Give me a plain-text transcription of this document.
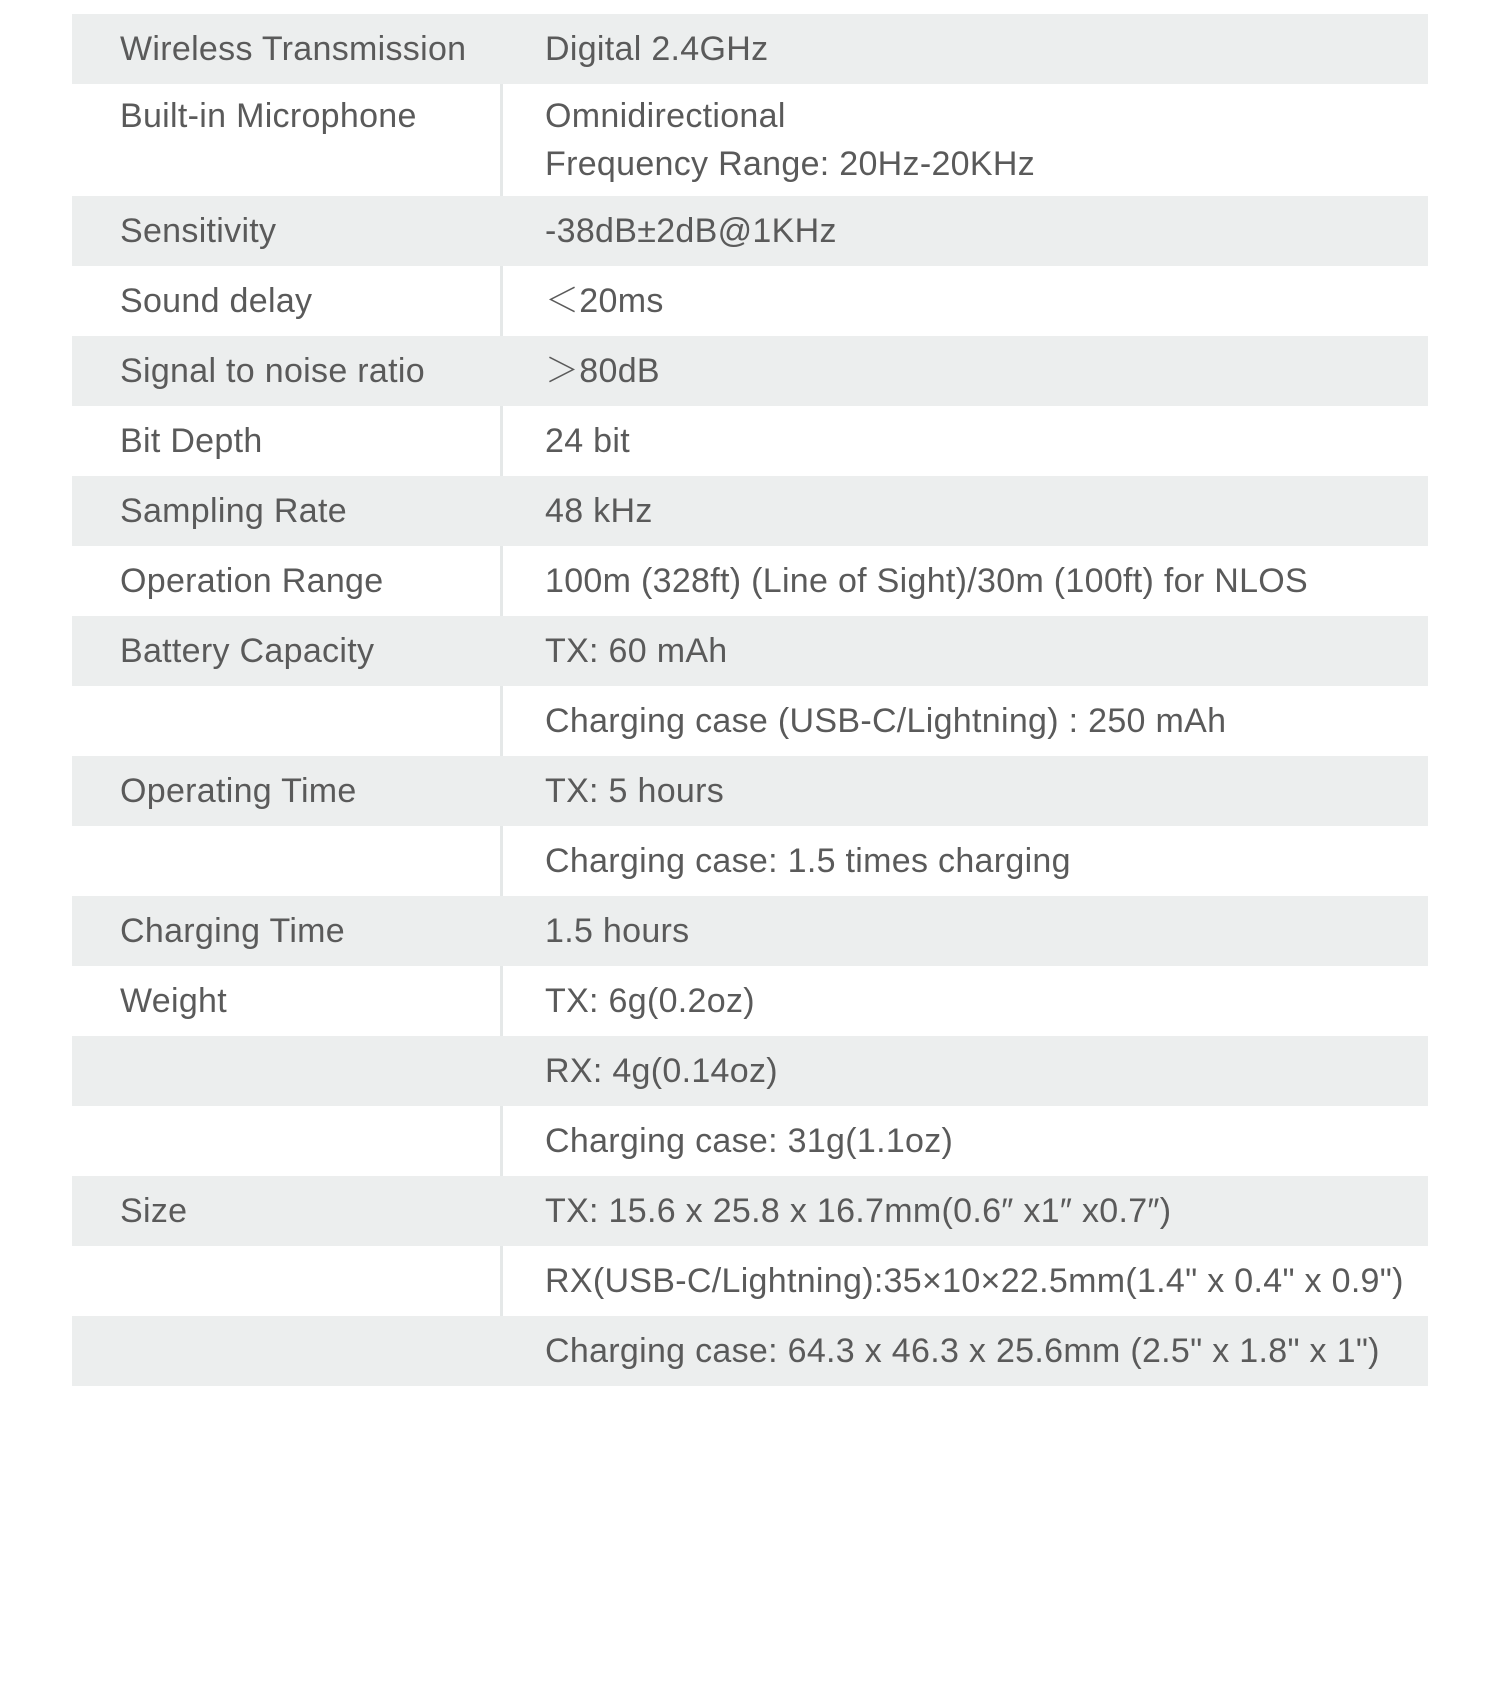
Wireless Transmission	Digital 2.4GHz
Built-in Microphone	Omnidirectional
Frequency Range: 20Hz-20KHz
Sensitivity	-38dB±2dB@1KHz
Sound delay	＜20ms
Signal to noise ratio	＞80dB
Bit Depth	24 bit
Sampling Rate	48 kHz
Operation Range	100m (328ft) (Line of Sight)/30m (100ft) for NLOS
Battery Capacity	TX: 60 mAh
Charging case (USB-C/Lightning) : 250 mAh
Operating Time	TX: 5 hours
Charging case: 1.5 times charging
Charging Time	1.5 hours
Weight	TX: 6g(0.2oz)
RX: 4g(0.14oz)
Charging case: 31g(1.1oz)
Size	TX: 15.6 x 25.8 x 16.7mm(0.6″ x1″ x0.7″)
RX(USB-C/Lightning):35×10×22.5mm(1.4" x 0.4" x 0.9")
Charging case: 64.3 x 46.3 x 25.6mm (2.5" x 1.8" x 1")
